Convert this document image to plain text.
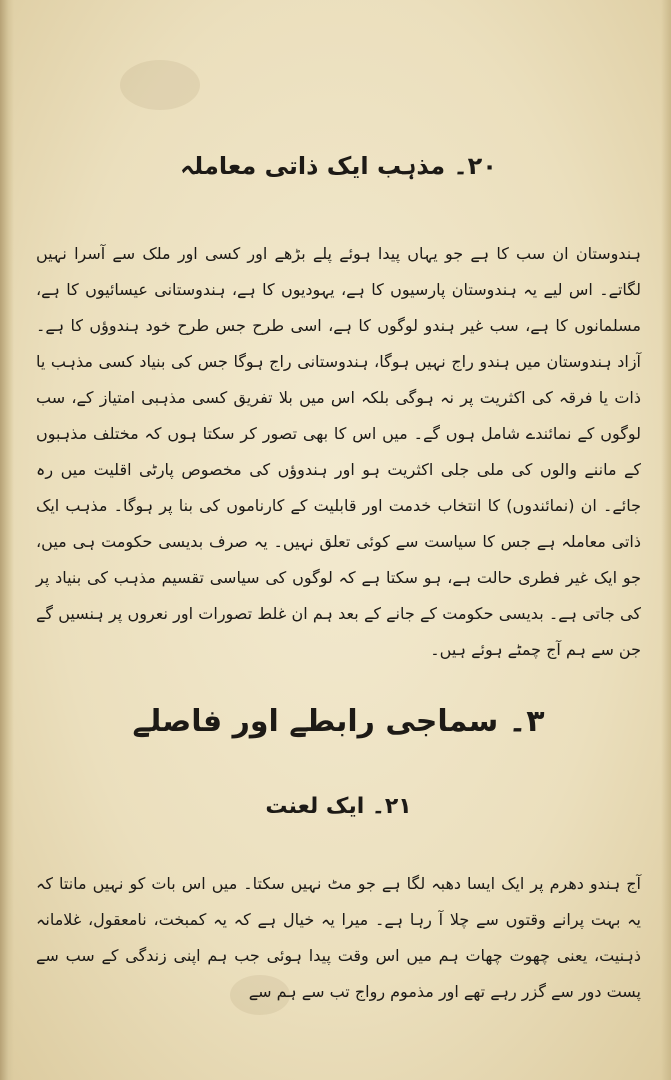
٢٠۔ مذہب ایک ذاتی معاملہ

ہندوستان ان سب کا ہے جو یہاں پیدا ہوئے پلے بڑھے اور کسی اور ملک سے آسرا نہیں لگاتے۔ اس لیے یہ ہندوستان پارسیوں کا ہے، یہودیوں کا ہے، ہندوستانی عیسائیوں کا ہے، مسلمانوں کا ہے، سب غیر ہندو لوگوں کا ہے، اسی طرح جس طرح خود ہندوؤں کا ہے۔ آزاد ہندوستان میں ہندو راج نہیں ہوگا، ہندوستانی راج ہوگا جس کی بنیاد کسی مذہب یا ذات یا فرقہ کی اکثریت پر نہ ہوگی بلکہ اس میں بلا تفریق کسی مذہبی امتیاز کے، سب لوگوں کے نمائندے شامل ہوں گے۔ میں اس کا بھی تصور کر سکتا ہوں کہ مختلف مذہبوں کے ماننے والوں کی ملی جلی اکثریت ہو اور ہندوؤں کی مخصوص پارٹی اقلیت میں رہ جائے۔ ان (نمائندوں) کا انتخاب خدمت اور قابلیت کے کارناموں کی بنا پر ہوگا۔ مذہب ایک ذاتی معاملہ ہے جس کا سیاست سے کوئی تعلق نہیں۔ یہ صرف بدیسی حکومت ہی میں، جو ایک غیر فطری حالت ہے، ہو سکتا ہے کہ لوگوں کی سیاسی تقسیم مذہب کی بنیاد پر کی جاتی ہے۔ بدیسی حکومت کے جانے کے بعد ہم ان غلط تصورات اور نعروں پر ہنسیں گے جن سے ہم آج چمٹے ہوئے ہیں۔

٣۔ سماجی رابطے اور فاصلے
٢١۔ ایک لعنت

آج ہندو دھرم پر ایک ایسا دھبہ لگا ہے جو مٹ نہیں سکتا۔ میں اس بات کو نہیں مانتا کہ یہ بہت پرانے وقتوں سے چلا آ رہا ہے۔ میرا یہ خیال ہے کہ یہ کمبخت، نامعقول، غلامانہ ذہنیت، یعنی چھوت چھات ہم میں اس وقت پیدا ہوئی جب ہم اپنی زندگی کے سب سے پست دور سے گزر رہے تھے اور مذموم رواج تب سے ہم سے
